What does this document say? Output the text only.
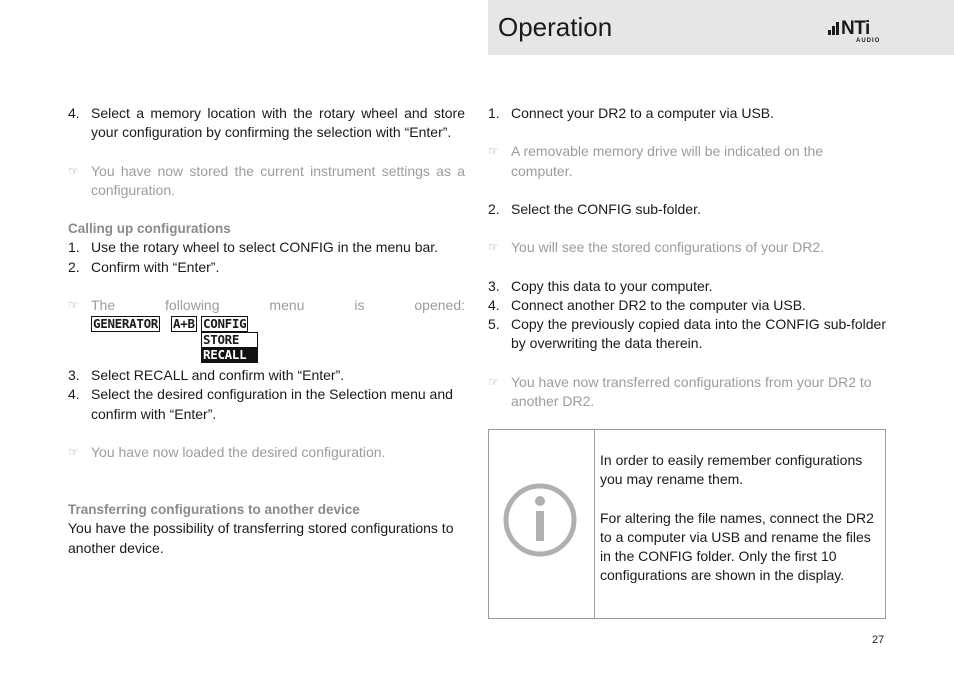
Operation	NTi
AUDIO
4. Select a memory location with the rotary wheel and store your configuration by confirming the selection with “Enter”.
☞ You have now stored the current instrument settings as a configuration.
Calling up configurations
1. Use the rotary wheel to select CONFIG in the menu bar.
2. Confirm with “Enter”.
☞ The	following	menu	is	opened:
GENERATOR A+B CONFIG
STORE
RECALL
3. Select RECALL and confirm with “Enter”.
4. Select the desired configuration in the Selection menu and confirm with “Enter”.
☞ You have now loaded the desired configuration.
Transferring configurations to another device
You have the possibility of transferring stored configurations to another device.
1. Connect your DR2 to a computer via USB.
☞ A removable memory drive will be indicated on the computer.
2. Select the CONFIG sub-folder.
☞ You will see the stored configurations of your DR2.
3. Copy this data to your computer.
4. Connect another DR2 to the computer via USB.
5. Copy the previously copied data into the CONFIG sub-folder by overwriting the data therein.
☞ You have now transferred configurations from your DR2 to another DR2.
In order to easily remember configurations you may rename them.
For altering the file names, connect the DR2 to a computer via USB and rename the files in the CONFIG folder. Only the first 10 configurations are shown in the display.
27
